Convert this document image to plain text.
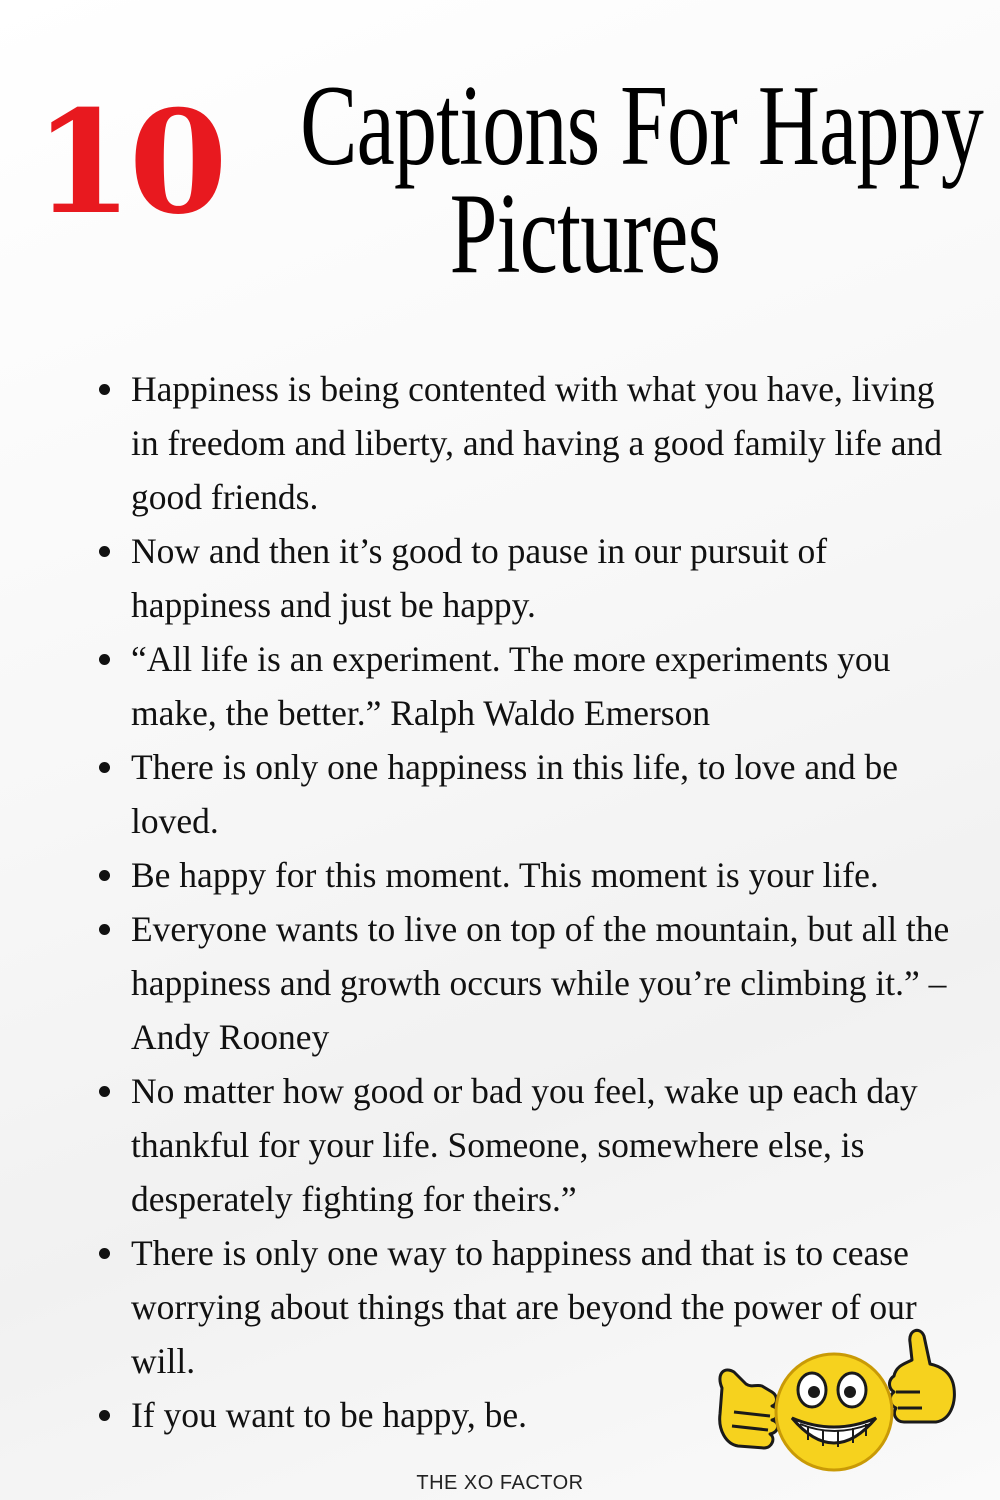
10 Captions For Happy
Pictures
Happiness is being contented with what you have, living in freedom and liberty, and having a good family life and good friends.
Now and then it’s good to pause in our pursuit of happiness and just be happy.
“All life is an experiment. The more experiments you make, the better.” Ralph Waldo Emerson
There is only one happiness in this life, to love and be loved.
Be happy for this moment. This moment is your life.
Everyone wants to live on top of the mountain, but all the happiness and growth occurs while you’re climbing it.” – Andy Rooney
No matter how good or bad you feel, wake up each day thankful for your life. Someone, somewhere else, is desperately fighting for theirs.”
There is only one way to happiness and that is to cease worrying about things that are beyond the power of our will.
If you want to be happy, be.
THE XO FACTOR
